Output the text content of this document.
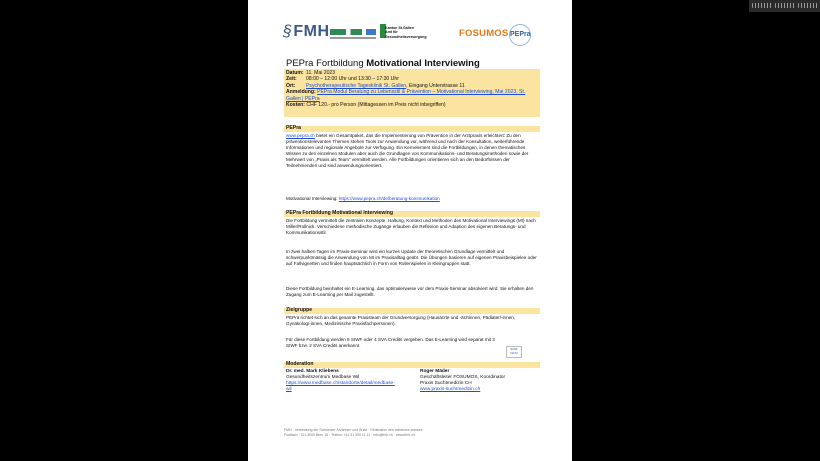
§FMH	Kanton St.Gallen
Amt für
Gesundheitsversorgung	FOSUMOS PEPra
PEPra Fortbildung Motivational Interviewing
Datum: 11. Mai 2023
Zeit: 08:00 – 12:00 Uhr und 13:30 – 17:30 Uhr
Ort: Psychotherapeutische Tagesklinik St. Gallen, Eingang Unterstrasse 11
Anmeldung: PEPra Modul Beratung zu Lebensstil & Prävention – Motivational Interviewing, Mai 2023, St. Gallen | PEPra
Kosten: CHF 120.- pro Person (Mittagessen im Preis nicht inbegriffen)
PEPra
www.pepra.ch bietet ein Gesamtpaket, das die Implementierung von Prävention in der Arztpraxis erleichtert: Zu den präventionsrelevanten Themen stehen Tools zur Anwendung vor, während und nach der Konsultation, weiterführende Informationen und regionale Angebote zur Verfügung. Ein Kernelement sind die Fortbildungen, in denen thematisches Wissen zu den einzelnen Modulen aber auch die Grundlagen von Kommunikations- und Beratungsmethoden sowie der Mehrwert von „Praxis als Team“ vermittelt werden. Alle Fortbildungen orientieren sich an den Bedürfnissen der Teilnehmenden und sind anwendungsorientiert.
Motivational Interviewing: https://www.pepra.ch/de/beratung-kommunikation
PEPra Fortbildung Motivational Interviewing
Die Fortbildung vermittelt die zentralen Konzepte, Haltung, Kontext und Methoden des Motivational Interviewings (MI) nach Miller/Rollnick. Verschiedene methodische Zugänge erlauben die Reflexion und Adaption des eigenen Beratungs- und Kommunikationsstil.
In zwei halben Tagen im Praxis-Seminar wird ein kurzes Update der theoretischen Grundlage vermittelt und schwerpunktmässig die Anwendung von MI im Praxisalltag geübt. Die Übungen basieren auf eigenen Praxisbeispielen oder auf Fallvignetten und finden hauptsächlich in Form von Rollenspielen in Kleingruppen statt.
Diese Fortbildung beinhaltet ein E-Learning, das optimalerweise vor dem Praxis-Seminar absolviert wird. Sie erhalten den Zugang zum E-Learning per Mail zugestellt.
Zielgruppe
PEPra richtet sich an das gesamte Praxisteam der Grundversorgung (Hausärzte und -ärztinnen, Pädiater/-innen, Gynäkolog/-innen, Medizinische Praxisfachpersonen).
Für diese Fortbildung werden 8 SIWF oder 4 SVA Credits vergeben. Das E-Learning wird separat mit 3 SIWF bzw. 2 SVA Credits anerkannt.
SIWF ISFM
Moderation
Dr. med. Mark Kliebens
Gesundheitszentrum Medbase Wil
https://www.medbase.ch/standorte/detail/medbase-wil
Roger Mäder
Geschäftsleiter FOSUMOS, Koordinator
Praxis Suchtmedizin CH
www.praxis-suchtmedizin.ch
FMH · Verbindung der Schweizer Ärztinnen und Ärzte · Fédération des médecins suisses
Postfach · CH-3000 Bern 15 · Telefon +41 31 359 11 11 · info@fmh.ch · www.fmh.ch
